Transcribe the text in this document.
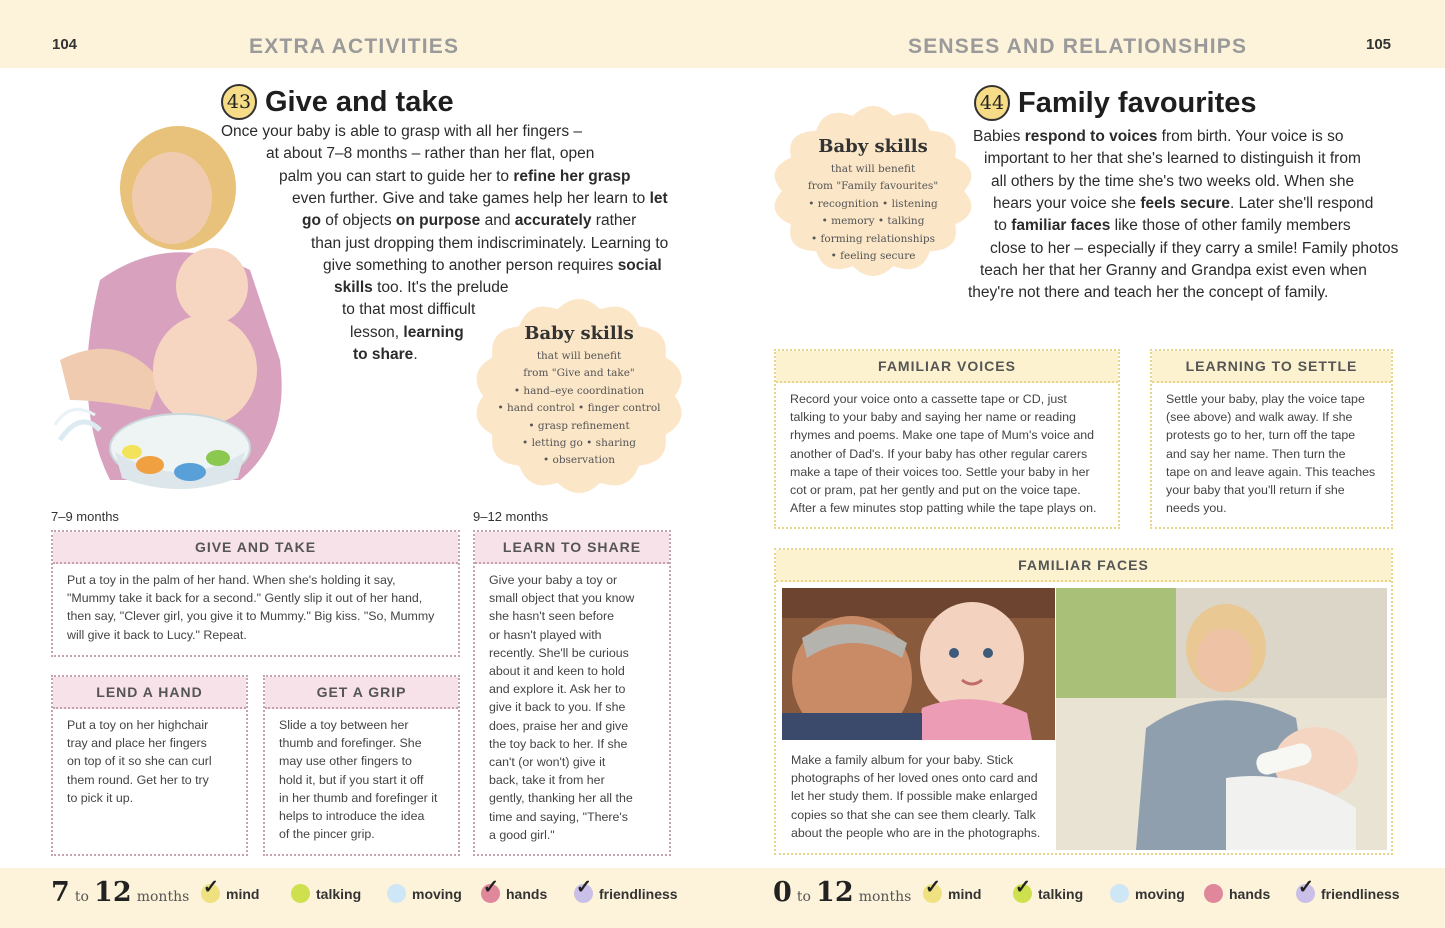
104	EXTRA ACTIVITIES	SENSES AND RELATIONSHIPS	105
43 Give and take
Once your baby is able to grasp with all her fingers –
at about 7–8 months – rather than her flat, open
palm you can start to guide her to refine her grasp
even further. Give and take games help her learn to let
go of objects on purpose and accurately rather
than just dropping them indiscriminately. Learning to
give something to another person requires social
skills too. It's the prelude
to that most difficult
lesson, learning
to share.
Baby skills
that will benefit
from "Give and take"
• hand–eye coordination
• hand control • finger control
• grasp refinement
• letting go • sharing
• observation
7–9 months	9–12 months
GIVE AND TAKE
Put a toy in the palm of her hand. When she's holding it say,
"Mummy take it back for a second." Gently slip it out of her hand,
then say, "Clever girl, you give it to Mummy." Big kiss. "So, Mummy
will give it back to Lucy." Repeat.
LEND A HAND
Put a toy on her highchair
tray and place her fingers
on top of it so she can curl
them round. Get her to try
to pick it up.
GET A GRIP
Slide a toy between her
thumb and forefinger. She
may use other fingers to
hold it, but if you start it off
in her thumb and forefinger it
helps to introduce the idea
of the pincer grip.
LEARN TO SHARE
Give your baby a toy or
small object that you know
she hasn't seen before
or hasn't played with
recently. She'll be curious
about it and keen to hold
and explore it. Ask her to
give it back to you. If she
does, praise her and give
the toy back to her. If she
can't (or won't) give it
back, take it from her
gently, thanking her all the
time and saying, "There's
a good girl."
Baby skills
that will benefit
from "Family favourites"
• recognition • listening
• memory • talking
• forming relationships
• feeling secure
44 Family favourites
Babies respond to voices from birth. Your voice is so
important to her that she's learned to distinguish it from
all others by the time she's two weeks old. When she
hears your voice she feels secure. Later she'll respond
to familiar faces like those of other family members
close to her – especially if they carry a smile! Family photos
teach her that her Granny and Grandpa exist even when
they're not there and teach her the concept of family.
FAMILIAR VOICES
Record your voice onto a cassette tape or CD, just
talking to your baby and saying her name or reading
rhymes and poems. Make one tape of Mum's voice and
another of Dad's. If your baby has other regular carers
make a tape of their voices too. Settle your baby in her
cot or pram, pat her gently and put on the voice tape.
After a few minutes stop patting while the tape plays on.
LEARNING TO SETTLE
Settle your baby, play the voice tape
(see above) and walk away. If she
protests go to her, turn off the tape
and say her name. Then turn the
tape on and leave again. This teaches
your baby that you'll return if she
needs you.
FAMILIAR FACES
Make a family album for your baby. Stick
photographs of her loved ones onto card and
let her study them. If possible make enlarged
copies so that she can see them clearly. Talk
about the people who are in the photographs.
7 to 12 months ✓ mind	talking	moving ✓ hands ✓ friendliness	0 to 12 months ✓ mind ✓ talking	moving	hands ✓ friendliness
